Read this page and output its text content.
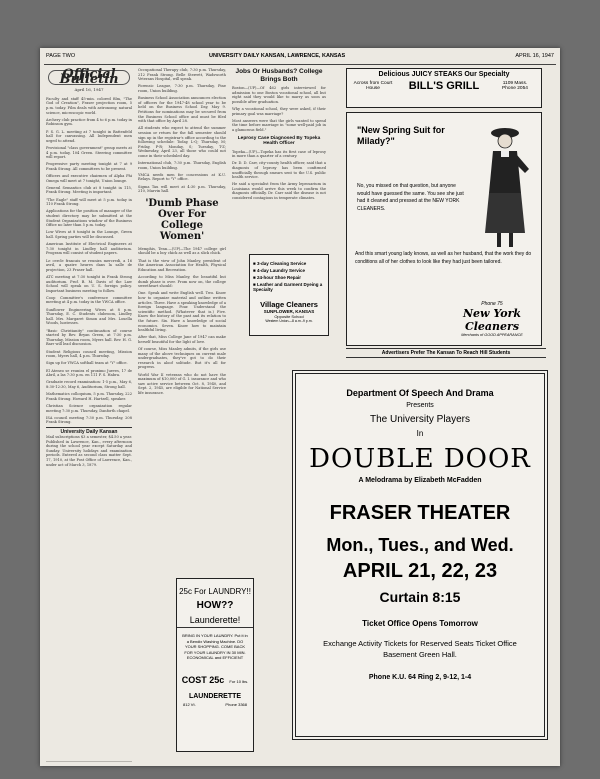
PAGE TWO	UNIVERSITY DAILY KANSAN, LAWRENCE, KANSAS	APRIL 16, 1947
Official Bulletin
April 16, 1947

Faculty and staff 45-min. colored film, "The God of Creation", Fraser projection room, 5 p.m. today. Film deals with astronomy, natural science, microscopic world.

Archery club practice from 4 to 6 p.m. today in Robinson gym.

P. S. G. L. meeting at 7 tonight in Battenfeld hall for canvassing. All Independent men urged to attend.

Provisional "class government" group meets at 4 p.m. today, 104 Green. Steering committee will report.

Progressive party meeting tonight at 7 at 9 Frank Strong. All committees to be present.

Officers and executive chairmen of Alpha Phi Omega will meet at 7 tonight, Union lounge.

General Semantics club at 8 tonight in 115, Frank Strong. Meeting is important.

"The Eagle" staff will meet at 5 p.m. today in 110 Frank Strong.

Applications for the position of manager of the student directory may be submitted at the Student Organizations window of the Business Office no later than 5 p.m. today.

Low Wives at 8 tonight in the Lounge, Green hall. Spring parties will be discussed.

American Institute of Electrical Engineers at 7:30 tonight in Lindley hall auditorium. Program will consist of student papers.

Le cercle francais se reunira mercredi, a 16 avril, a quatre heures dans la salle de projection, 23 Fraser hall.

ATC meeting at 7:30 tonight in Frank Strong auditorium. Prof. B. M. Davis of the Law School will speak on U. S. foreign policy. Important business meeting to follow.

Coop Committee's conference committee meeting at 4 p.m. today in the YWCA office.

Sunflower Engineering Wives at 8 p.m. Thursday, E. C. Students clubroom, Lindley hall. Mrs. Margaret Simon and Mrs. Louella Woods, hostesses.

"Basic Christianity" continuation of course started by Rev. Bryan Green, at 7:30 p.m. Thursday, Mission room, Myers hall. Rev. H. G. Barr will lead discussion.

Student Religious council meeting, Mission room, Myers hall, 4 p.m. Thursday.

Sign up for YWCA softball team at "Y" office.

El Ateneo se reunira el proximo Jueves, 17 de Abril, a las 7:30 p.m. en 111 F. S. Habra.

Graduate record examination: 1-5 p.m., May 6, 8:30-12:30, May 6, Auditorium, Strong hall.

Mathematics colloquium, 5 p.m. Thursday, 222 Frank Strong. Howard H. Hartzell, speaker.

Christian Science organization regular meeting 7:30 p.m. Thursday, Danforth chapel.

ISA council meeting 7:30 p.m. Thursday, 208 Frank Strong.

University Daily Kansan

Mail subscriptions $3 a semester, $4.50 a year. Published in Lawrence, Kan., every afternoon during the school year except Saturday and Sunday. University holidays and examination periods. Entered as second class matter Sept. 17, 1910, at the Post Office of Lawrence, Kan., under act of March 3, 1879.

Occupational Therapy club, 7:30 p.m. Thursday, 212 Frank Strong. Belle Sterrett, Wadsworth Veterans Hospital, will speak.

Forensic League, 7:30 p.m. Thursday, Pine room, Union building.

Business School Association announces election of officers for the 1947-48 school year to be held on the Business School Day, May 9. Petitions for nominations may be secured from the Business School office and must be filed with that office by April 28.

All students who expect to attend the summer session or return for the fall semester should sign up in the registrar's office according to the following schedule: Today, L-Q; Thursday, M; Friday, P-R; Monday, S; Tuesday, T-Z; Wednesday, April 23, all those who could not come in their scheduled day.

International club, 7:30 p.m. Thursday, English room, Union building.

YMCA needs men for concessions at K.U. Relays. Report to "Y" office.

Sigma Tau will meet at 4:30 p.m. Thursday, 210, Marvin hall.

'Dumb Phase Over For College Women'

Memphis, Tenn.—(UP)—The 1947 college girl should be a boy chick as well as a slick chick.

That is the view of John Manley, president of the American Association for Health, Physical Education and Recreation.

According to Miss Manley, the beautiful but dumb phase is over. From now on, the college sweetheart should:

One. Speak and write English well. Two. Know how to organize material and outline written articles. Three. Have a speaking knowledge of a foreign language. Four. Understand the scientific method. (Whatever that is.) Five. Know the history of the past and its relation to the future. Six. Have a knowledge of social economics. Seven. Know how to maintain healthful living.

After that, Miss College Jane of 1947 can make herself beautiful for the light of love.

Of course, Miss Manley admits, if the girls use many of the above techniques on current male undergraduates, they've got to do their research in aloof solitude. But it's all for progress.

World War II veterans who do not have the maximum of $10,000 of G. I. insurance and who saw active service between Oct. 8, 1940, and Sept. 2, 1945, are eligible for National Service life insurance.

25c For LAUNDRY!!
HOW??
Launderette!
BRING IN YOUR LAUNDRY. Put it in a Bendix Washing Machine. DO YOUR SHOPPING. COME BACK FOR YOUR LAUNDRY IN 30 MIN. ECONOMICAL and EFFICIENT
COST 25c For 10 lbs.
LAUNDERETTE
812 Vt.	Phone 3368
Jobs Or Husbands? College Brings Both

Boston—(UP)—Of 462 girls interviewed for admission to one Boston vocational school, all but eight said they would like to marry as soon as possible after graduation.

Why a vocational school, they were asked, if their primary goal was marriage?

Most answers were that the girls wanted to spend the time before marriage in "some well-paid job in a glamorous field."

Leprosy Case Diagnosed By Topeka Health Officer

Topeka—(UP)—Topeka has its first case of leprosy in more than a quarter of a century.

Dr. D. D. Carr, city-county health officer, said that a diagnosis of leprosy has been confirmed unofficially through smears sent to the U.S. public health service.

He said a specialist from the Army leprosarium in Louisiana would arrive this week to confirm the diagnosis officially. Dr. Carr said the disease is not considered contagious in temperate climates.

■ 3-day Cleaning Service
■ 4-day Laundry Service
■ 24-hour Shoe Repair
■ Leather and Garment Dyeing a Specialty
Village Cleaners
SUNFLOWER, KANSAS
Opposite School
Western Union—8 a.m.-9 p.m.
Delicious JUICY STEAKS Our Specialty
Across from Court House	BILL'S GRILL	1109 Mass.
Phone 2054
"New Spring Suit for Milady?"
No, you missed on that question, but anyone would have guessed the same. You see she just had it cleaned and pressed at the NEW YORK CLEANERS.
And this smart young lady knows, as well as her husband, that the work they do conditions all of her clothes to look like they had just been tailored.
Phone 75
New York Cleaners
Merchants of GOOD APPEARANCE
Advertisers Prefer The Kansan To Reach Hill Students
Department Of Speech And Drama
Presents
The University Players
In
DOUBLE DOOR
A Melodrama by Elizabeth McFadden
FRASER THEATER
Mon., Tues., and Wed.
APRIL 21, 22, 23
Curtain 8:15
Ticket Office Opens Tomorrow
Exchange Activity Tickets for Reserved Seats Ticket Office Basement Green Hall.
Phone K.U. 64 Ring 2, 9-12, 1-4
